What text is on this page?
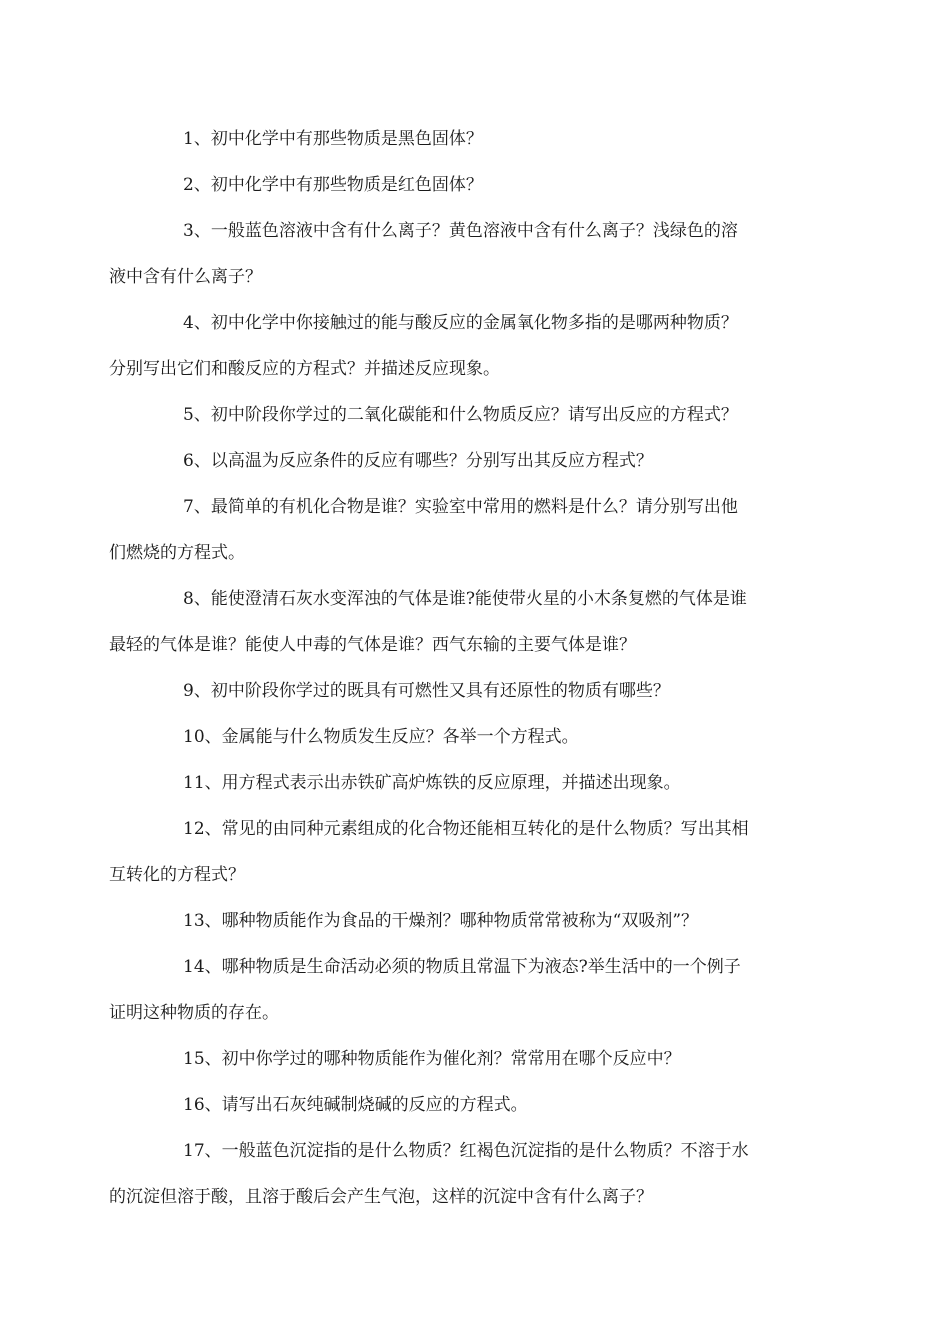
1、初中化学中有那些物质是黑色固体？

2、初中化学中有那些物质是红色固体？

3、一般蓝色溶液中含有什么离子？黄色溶液中含有什么离子？浅绿色的溶
液中含有什么离子？

4、初中化学中你接触过的能与酸反应的金属氧化物多指的是哪两种物质？
分别写出它们和酸反应的方程式？并描述反应现象。

5、初中阶段你学过的二氧化碳能和什么物质反应？请写出反应的方程式？

6、以高温为反应条件的反应有哪些？分别写出其反应方程式？

7、最简单的有机化合物是谁？实验室中常用的燃料是什么？请分别写出他
们燃烧的方程式。

8、能使澄清石灰水变浑浊的气体是谁?能使带火星的小木条复燃的气体是谁
最轻的气体是谁？能使人中毒的气体是谁？西气东输的主要气体是谁？

9、初中阶段你学过的既具有可燃性又具有还原性的物质有哪些？

10、金属能与什么物质发生反应？各举一个方程式。

11、用方程式表示出赤铁矿高炉炼铁的反应原理，并描述出现象。

12、常见的由同种元素组成的化合物还能相互转化的是什么物质？写出其相
互转化的方程式？

13、哪种物质能作为食品的干燥剂？哪种物质常常被称为“双吸剂”？

14、哪种物质是生命活动必须的物质且常温下为液态?举生活中的一个例子
证明这种物质的存在。

15、初中你学过的哪种物质能作为催化剂？常常用在哪个反应中？

16、请写出石灰纯碱制烧碱的反应的方程式。

17、一般蓝色沉淀指的是什么物质？红褐色沉淀指的是什么物质？不溶于水
的沉淀但溶于酸，且溶于酸后会产生气泡，这样的沉淀中含有什么离子？
